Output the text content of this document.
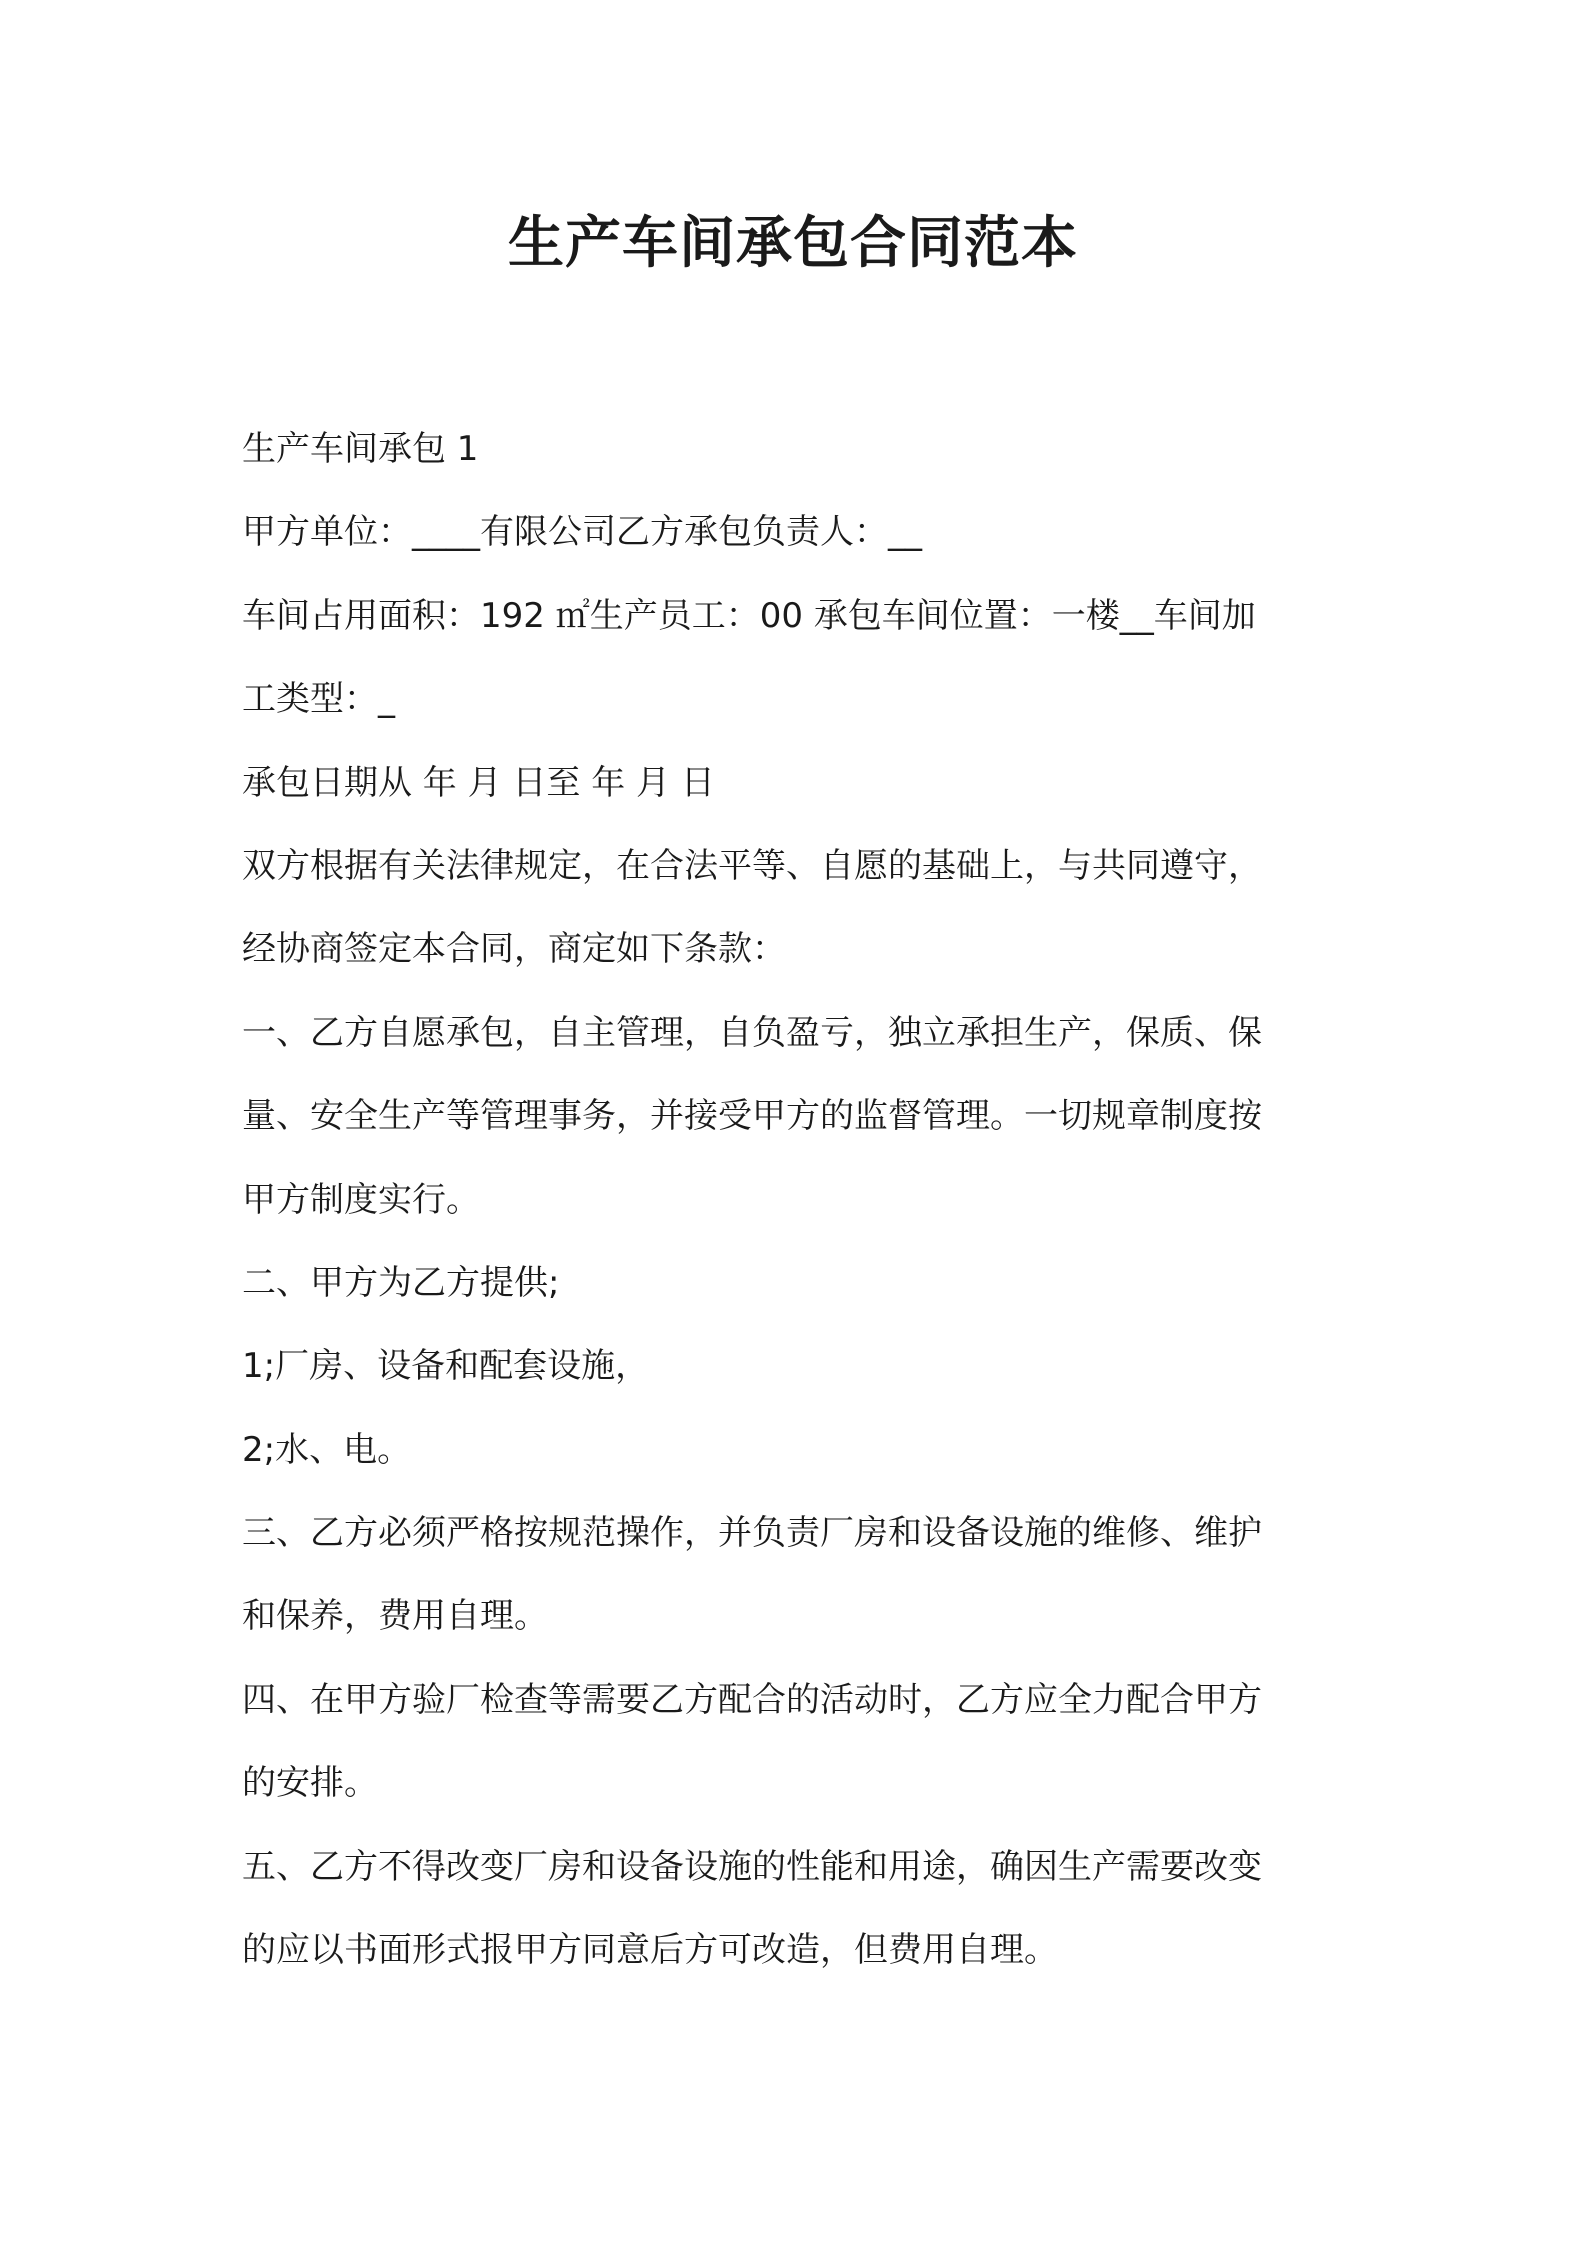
生产车间承包合同范本

生产车间承包 1

甲方单位：____有限公司乙方承包负责人：__

车间占用面积：192 ㎡生产员工：00 承包车间位置：一楼__车间加

工类型：_

承包日期从 年 月 日至 年 月 日

双方根据有关法律规定，在合法平等、自愿的基础上，与共同遵守，

经协商签定本合同，商定如下条款：

一、乙方自愿承包，自主管理，自负盈亏，独立承担生产，保质、保

量、安全生产等管理事务，并接受甲方的监督管理。一切规章制度按

甲方制度实行。

二、甲方为乙方提供;

1;厂房、设备和配套设施，

2;水、电。

三、乙方必须严格按规范操作，并负责厂房和设备设施的维修、维护

和保养，费用自理。

四、在甲方验厂检查等需要乙方配合的活动时，乙方应全力配合甲方

的安排。

五、乙方不得改变厂房和设备设施的性能和用途，确因生产需要改变

的应以书面形式报甲方同意后方可改造，但费用自理。
